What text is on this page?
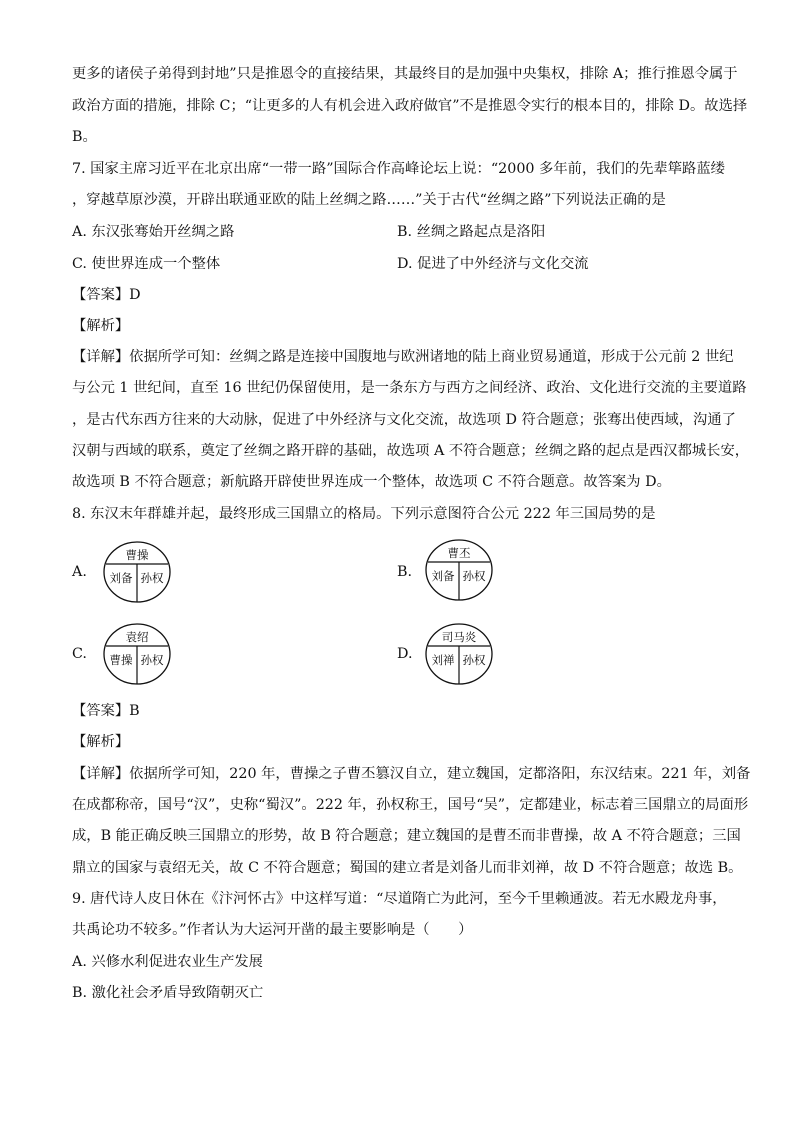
更多的诸侯子弟得到封地”只是推恩令的直接结果，其最终目的是加强中央集权，排除 A；推行推恩令属于
政治方面的措施，排除 C；“让更多的人有机会进入政府做官”不是推恩令实行的根本目的，排除 D。故选择
B。
7. 国家主席习近平在北京出席“一带一路”国际合作高峰论坛上说：“2000 多年前，我们的先辈筚路蓝缕
，穿越草原沙漠，开辟出联通亚欧的陆上丝绸之路……”关于古代“丝绸之路”下列说法正确的是
A. 东汉张骞始开丝绸之路	B. 丝绸之路起点是洛阳
C. 使世界连成一个整体	D. 促进了中外经济与文化交流
【答案】D
【解析】
【详解】依据所学可知：丝绸之路是连接中国腹地与欧洲诸地的陆上商业贸易通道，形成于公元前 2 世纪
与公元 1 世纪间，直至 16 世纪仍保留使用，是一条东方与西方之间经济、政治、文化进行交流的主要道路
，是古代东西方往来的大动脉，促进了中外经济与文化交流，故选项 D 符合题意；张骞出使西域，沟通了
汉朝与西域的联系，奠定了丝绸之路开辟的基础，故选项 A 不符合题意；丝绸之路的起点是西汉都城长安，
故选项 B 不符合题意；新航路开辟使世界连成一个整体，故选项 C 不符合题意。故答案为 D。
8. 东汉末年群雄并起，最终形成三国鼎立的格局。下列示意图符合公元 222 年三国局势的是
A.
曹操
刘备 孙权	B.
曹丕
刘备 孙权
C.
袁绍
曹操 孙权	D.
司马炎
刘禅 孙权
【答案】B
【解析】
【详解】依据所学可知，220 年，曹操之子曹丕篡汉自立，建立魏国，定都洛阳，东汉结束。221 年，刘备
在成都称帝，国号“汉”，史称“蜀汉”。222 年，孙权称王，国号“吴”，定都建业，标志着三国鼎立的局面形
成，B 能正确反映三国鼎立的形势，故 B 符合题意；建立魏国的是曹丕而非曹操，故 A 不符合题意；三国
鼎立的国家与袁绍无关，故 C 不符合题意；蜀国的建立者是刘备儿而非刘禅，故 D 不符合题意；故选 B。
9. 唐代诗人皮日休在《汴河怀古》中这样写道：“尽道隋亡为此河，至今千里赖通波。若无水殿龙舟事，
共禹论功不较多。”作者认为大运河开凿的最主要影响是（　　）
A. 兴修水利促进农业生产发展
B. 激化社会矛盾导致隋朝灭亡
